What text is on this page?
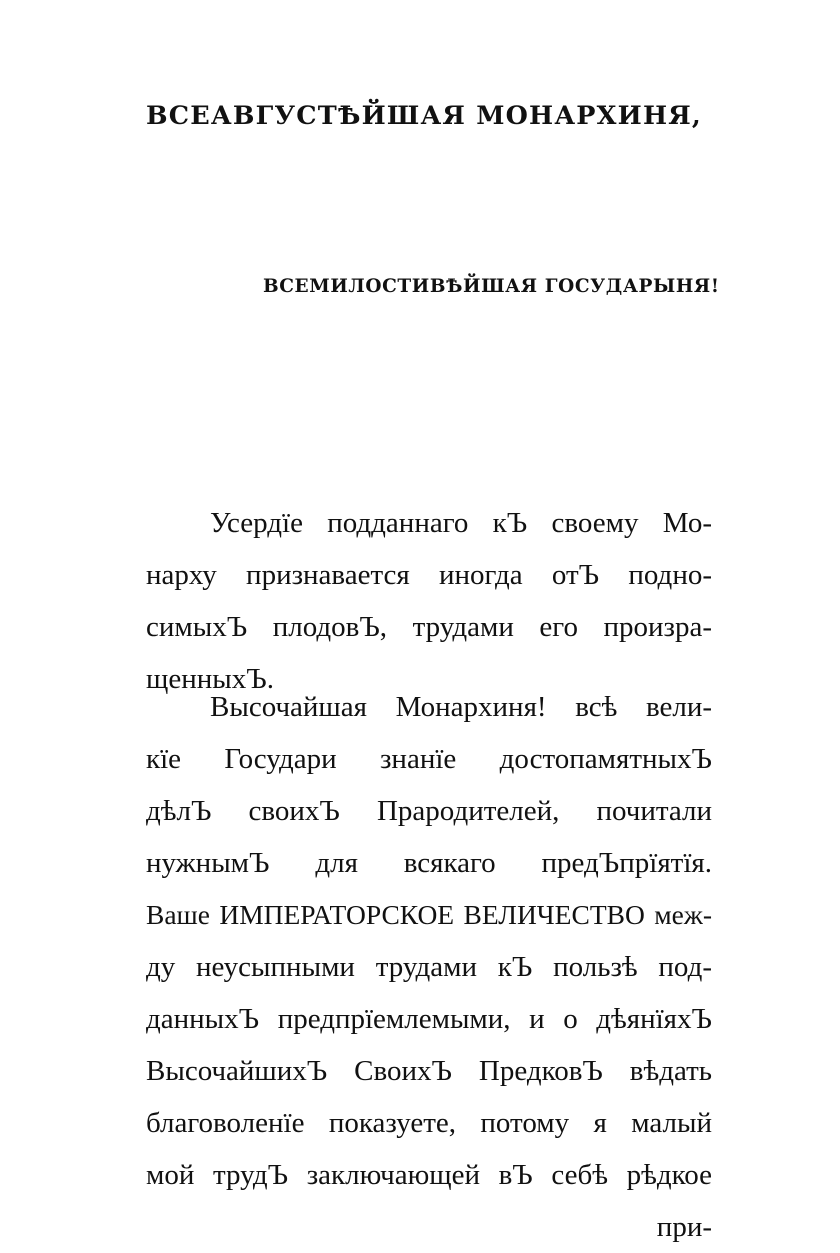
ВСЕАВГУСТѢЙШАЯ МОНАРХИНЯ,
ВСЕМИЛОСТИВѢЙШАЯ ГОСУДАРЫНЯ!
Усердїе подданнаго кЪ своему Мо-
нарху признавается иногда отЪ подно-
симыхЪ плодовЪ, трудами его произра-
щенныхЪ.
Высочайшая Монархиня! всѣ вели-
кїе Государи знанїе достопамятныхЪ
дѣлЪ своихЪ Прародителей, почитали
нужнымЪ для всякаго предЪпрїятїя.
Ваше ИМПЕРАТОРСКОЕ ВЕЛИЧЕСТВО меж-
ду неусыпными трудами кЪ пользѣ под-
данныхЪ предпрїемлемыми, и о дѣянїяхЪ
ВысочайшихЪ СвоихЪ ПредковЪ вѣдать
благоволенїе показуете, потому я малый
мой трудЪ заключающей вЪ себѣ рѣдкое
при-
